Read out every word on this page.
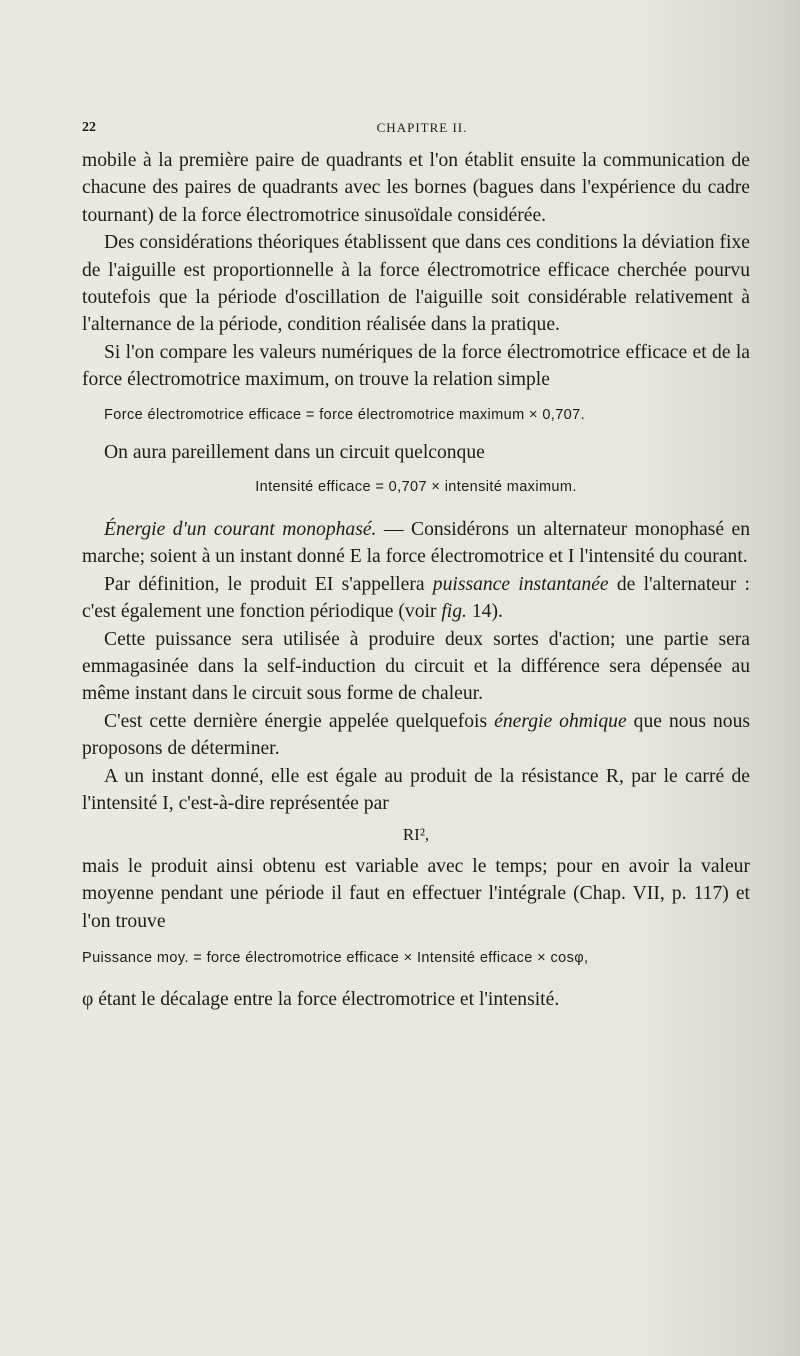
22	CHAPITRE II.

mobile à la première paire de quadrants et l'on établit ensuite la communication de chacune des paires de quadrants avec les bornes (bagues dans l'expérience du cadre tournant) de la force électromotrice sinusoïdale considérée.

Des considérations théoriques établissent que dans ces conditions la déviation fixe de l'aiguille est proportionnelle à la force électromotrice efficace cherchée pourvu toutefois que la période d'oscillation de l'aiguille soit considérable relativement à l'alternance de la période, condition réalisée dans la pratique.

Si l'on compare les valeurs numériques de la force électromotrice efficace et de la force électromotrice maximum, on trouve la relation simple

Force électromotrice efficace = force électromotrice maximum × 0,707.

On aura pareillement dans un circuit quelconque

Intensité efficace = 0,707 × intensité maximum.

Énergie d'un courant monophasé. — Considérons un alternateur monophasé en marche; soient à un instant donné E la force électromotrice et I l'intensité du courant.

Par définition, le produit EI s'appellera puissance instantanée de l'alternateur : c'est également une fonction périodique (voir fig. 14).

Cette puissance sera utilisée à produire deux sortes d'action; une partie sera emmagasinée dans la self-induction du circuit et la différence sera dépensée au même instant dans le circuit sous forme de chaleur.

C'est cette dernière énergie appelée quelquefois énergie ohmique que nous nous proposons de déterminer.

A un instant donné, elle est égale au produit de la résistance R, par le carré de l'intensité I, c'est-à-dire représentée par

RI²,

mais le produit ainsi obtenu est variable avec le temps; pour en avoir la valeur moyenne pendant une période il faut en effectuer l'intégrale (Chap. VII, p. 117) et l'on trouve

Puissance moy. = force électromotrice efficace × Intensité efficace × cosφ,

φ étant le décalage entre la force électromotrice et l'intensité.
